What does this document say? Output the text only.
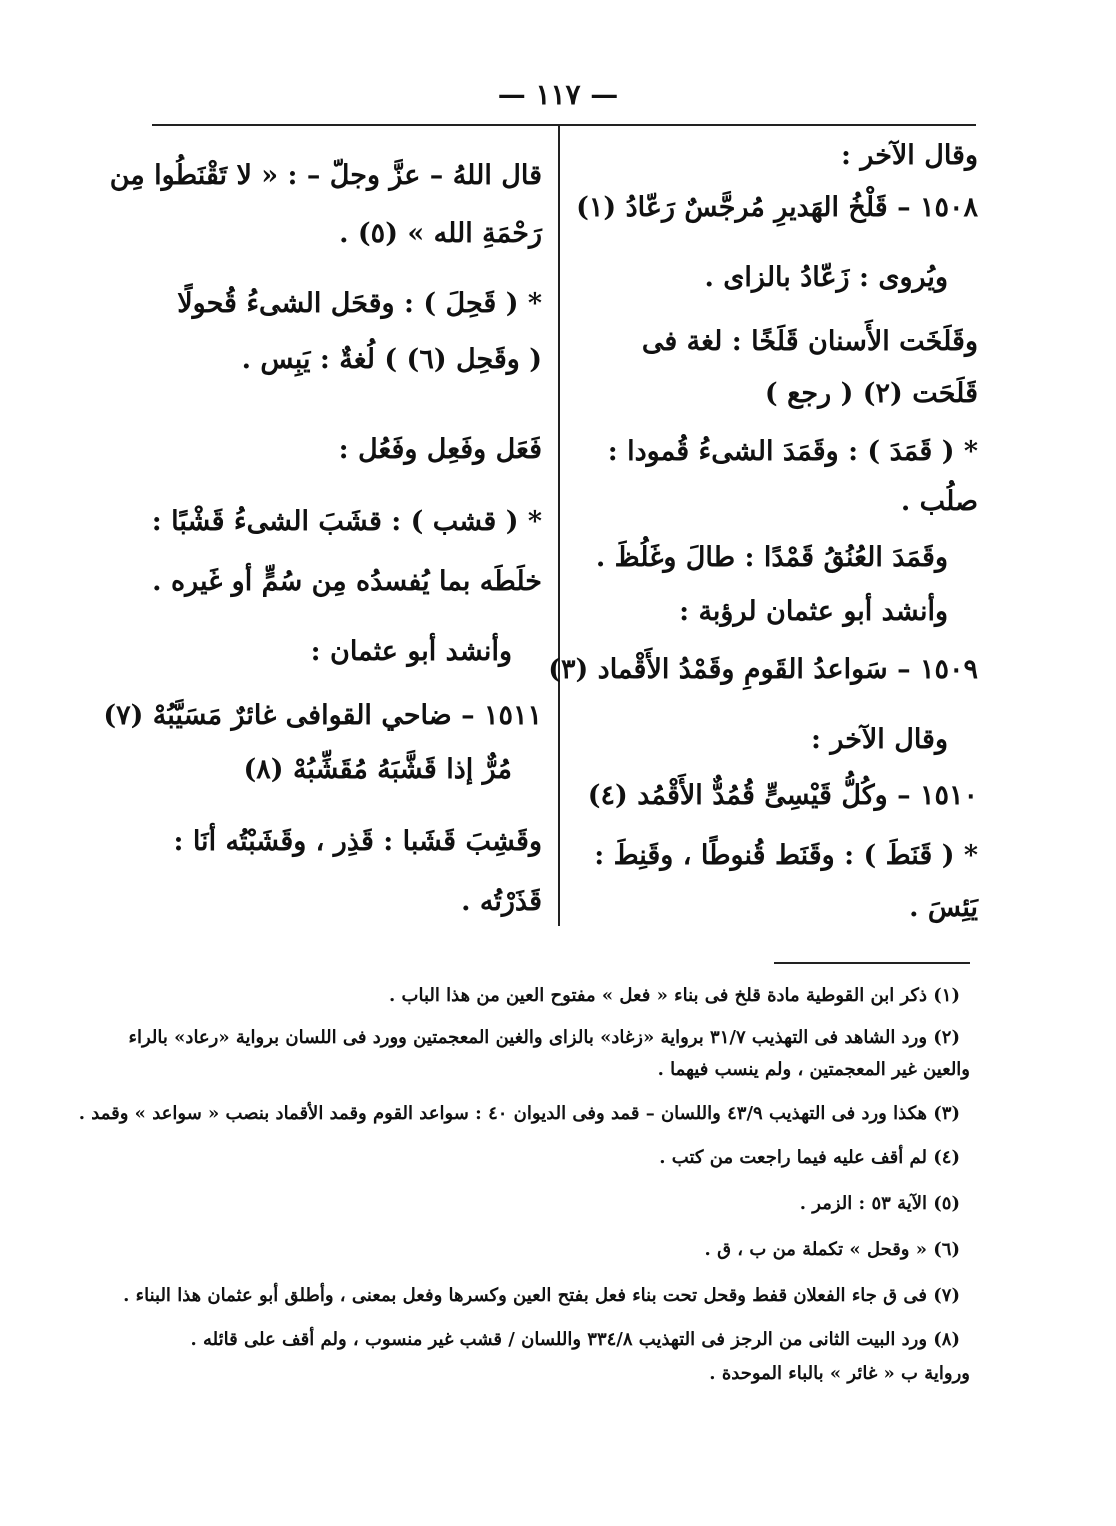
— ١١٧ —
وقال الآخر :
١٥٠٨ – قَلْخُ الهَديرِ مُرجَّسٌ رَعّادُ (١)
ويُروى : زَعّادُ بالزاى .
وقَلَخَت الأَسنان قَلَخًا : لغة فى
قَلَحَت (٢) ( رجع )
* ( قَمَدَ ) : وقَمَدَ الشىءُ قُمودا :
صلُب .
وقَمَدَ العُنُقُ قَمْدًا : طالَ وغَلُظَ .
وأنشد أبو عثمان لرؤبة :
١٥٠٩ – سَواعدُ القَومِ وقَمْدُ الأَقْماد (٣)
وقال الآخر :
١٥١٠ – وكُلُّ قَيْسِىٍّ قُمُدٌّ الأَقْمُد (٤)
* ( قَنَطَ ) : وقَنَط قُنوطًا ، وقَنِطَ :
يَئِسَ .
قال اللهُ – عزَّ وجلّ – : « لا تَقْنَطُوا مِن
رَحْمَةِ الله » (٥) .
* ( قَحِلَ ) : وقحَل الشىءُ قُحولًا
( وقَحِل (٦) ) لُغةٌ : يَبِس .
فَعَل وفَعِل وفَعُل :
* ( قشب ) : قشَبَ الشىءُ قَشْبًا :
خلَطَه بما يُفسدُه مِن سُمٍّ أو غَيره .
وأنشد أبو عثمان :
١٥١١ – ضاحي القوافى غائرٌ مَسَيَّبُهْ (٧)
مُرٌّ إذا قَشَّبَهُ مُقَشِّبُهْ (٨)
وقَشِبَ قَشَبا : قَذِر ، وقَشَبْتُه أنَا :
قَذَرْتُه .
(١) ذكر ابن القوطية مادة قلخ فى بناء « فعل » مفتوح العين من هذا الباب .
(٢) ورد الشاهد فى التهذيب ٣١/٧ برواية «زغاد» بالزاى والغين المعجمتين وورد فى اللسان برواية «رعاد» بالراء
والعين غير المعجمتين ، ولم ينسب فيهما .
(٣) هكذا ورد فى التهذيب ٤٣/٩ واللسان – قمد وفى الديوان ٤٠ : سواعد القوم وقمد الأقماد بنصب « سواعد » وقمد .
(٤) لم أقف عليه فيما راجعت من كتب .
(٥) الآية ٥٣ : الزمر .
(٦) « وقحل » تكملة من ب ، ق .
(٧) فى ق جاء الفعلان قفط وقحل تحت بناء فعل بفتح العين وكسرها وفعل بمعنى ، وأطلق أبو عثمان هذا البناء .
(٨) ورد البيت الثانى من الرجز فى التهذيب ٣٣٤/٨ واللسان / قشب غير منسوب ، ولم أقف على قائله .
ورواية ب « غائر » بالباء الموحدة .
